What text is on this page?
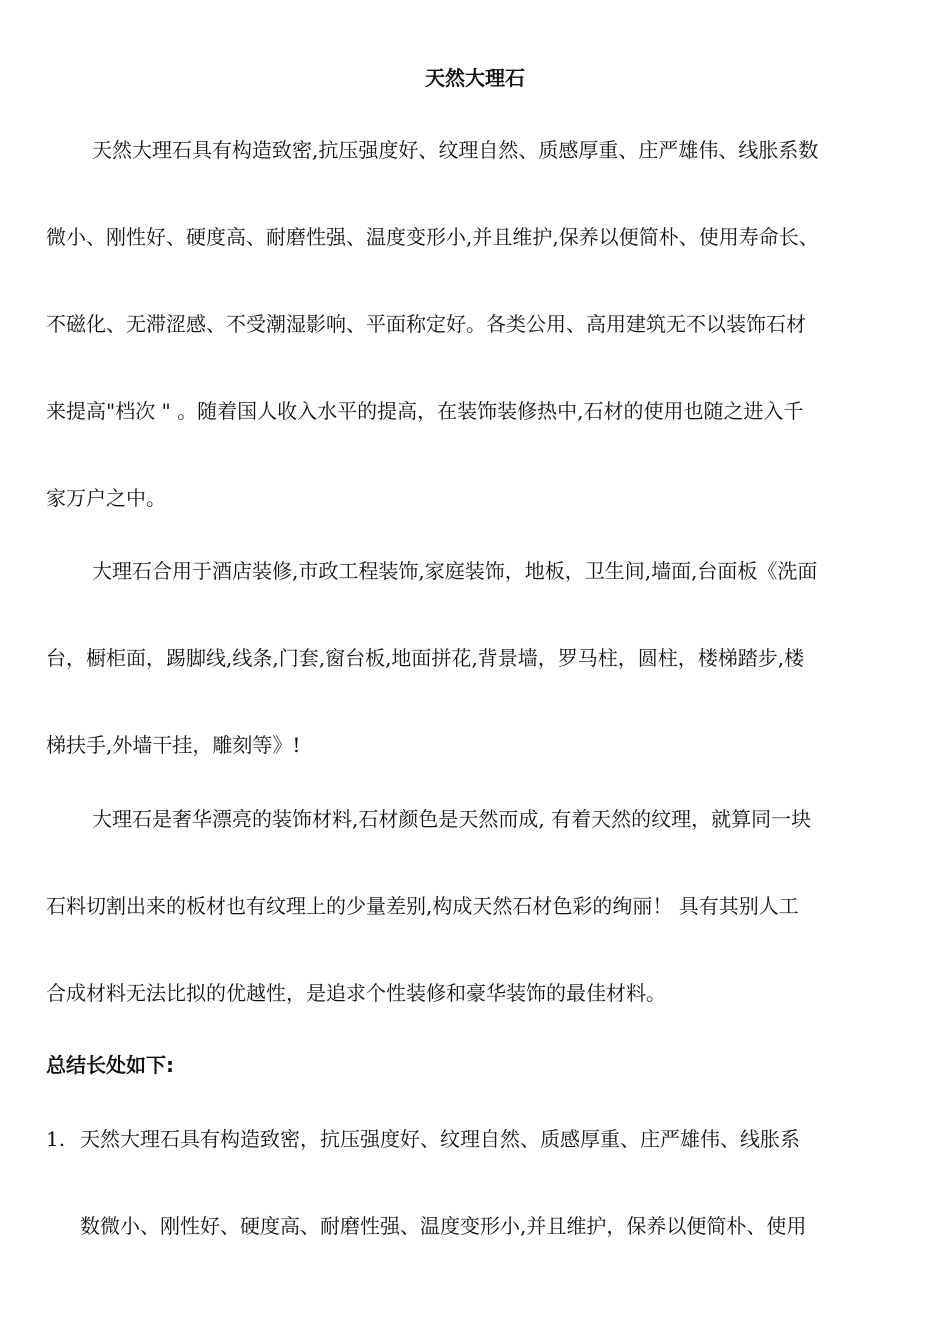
天然大理石
天然大理石具有构造致密,抗压强度好、纹理自然、质感厚重、庄严雄伟、线胀系数
微小、刚性好、硬度高、耐磨性强、温度变形小,并且维护,保养以便简朴、使用寿命长、
不磁化、无滞涩感、不受潮湿影响、平面称定好。各类公用、高用建筑无不以装饰石材
来提高"档次 " 。随着国人收入水平的提高，在装饰装修热中,石材的使用也随之进入千
家万户之中。
大理石合用于酒店装修,市政工程装饰,家庭装饰，地板，卫生间,墙面,台面板《洗面
台，橱柜面，踢脚线,线条,门套,窗台板,地面拼花,背景墙，罗马柱，圆柱，楼梯踏步,楼
梯扶手,外墙干挂，雕刻等》!
大理石是奢华漂亮的装饰材料,石材颜色是天然而成, 有着天然的纹理，就算同一块
石料切割出来的板材也有纹理上的少量差别,构成天然石材色彩的绚丽！ 具有其别人工
合成材料无法比拟的优越性，是追求个性装修和豪华装饰的最佳材料。
总结长处如下:
1. 天然大理石具有构造致密，抗压强度好、纹理自然、质感厚重、庄严雄伟、线胀系
数微小、刚性好、硬度高、耐磨性强、温度变形小,并且维护，保养以便简朴、使用
